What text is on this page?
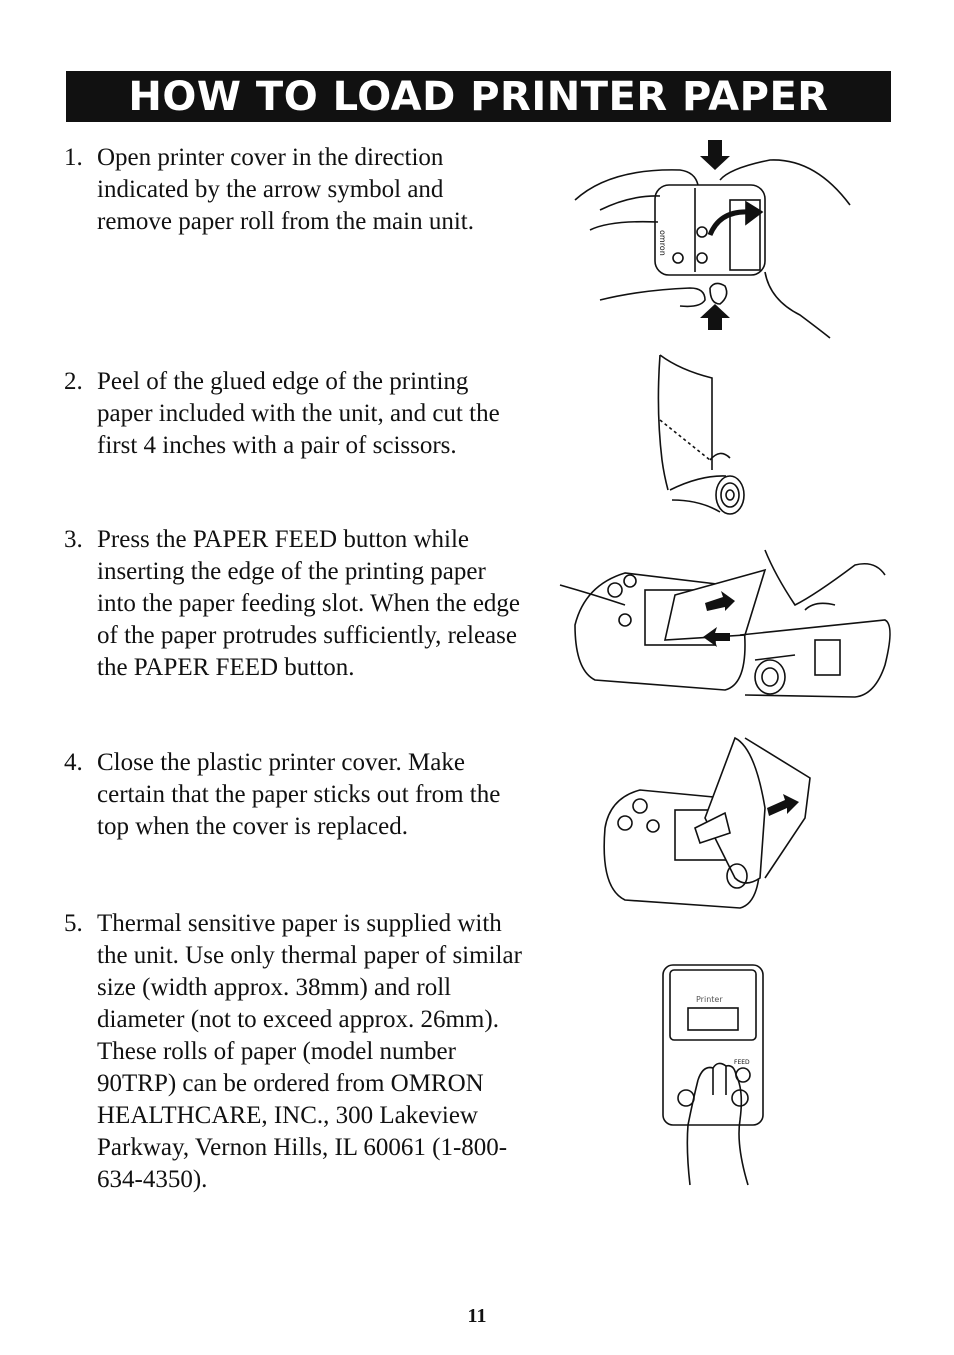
HOW TO LOAD PRINTER PAPER
1. Open printer cover in the direction indicated by the arrow symbol and remove paper roll from the main unit.
omron
2. Peel of the glued edge of the printing paper included with the unit, and cut the first 4 inches with a pair of scissors.
3. Press the PAPER FEED button while inserting the edge of the printing paper into the paper feeding slot. When the edge of the paper protrudes sufficiently, release the PAPER FEED button.
4. Close the plastic printer cover. Make certain that the paper sticks out from the top when the cover is replaced.
5. Thermal sensitive paper is supplied with the unit. Use only thermal paper of similar size (width approx. 38mm) and roll diameter (not to exceed approx. 26mm). These rolls of paper (model number 90TRP) can be ordered from OMRON HEALTHCARE, INC., 300 Lakeview Parkway, Vernon Hills, IL 60061 (1-800-634-4350).
Printer
FEED
11
